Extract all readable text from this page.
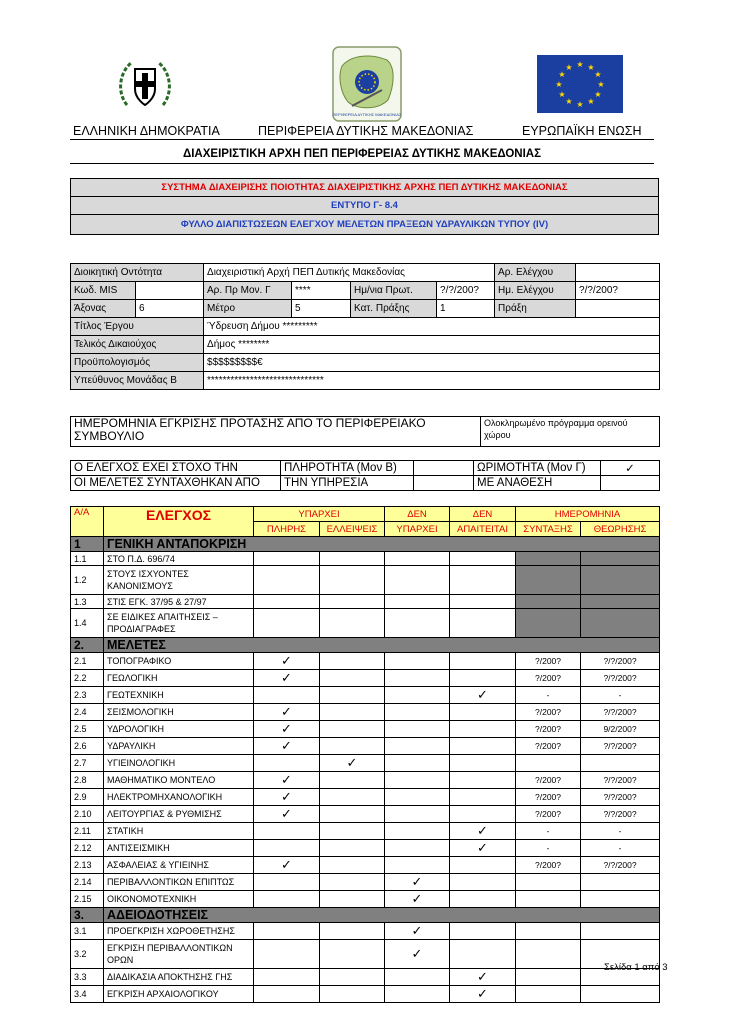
ΠΕΡΙΦΕΡΕΙΑ ΔΥΤΙΚΗΣ ΜΑΚΕΔΟΝΙΑΣ
★ ★
★
★
★
★
★
★
★
★
★
★
ΕΛΛΗΝΙΚΗ ΔΗΜΟΚΡΑΤΙΑ	ΠΕΡΙΦΕΡΕΙΑ ΔΥΤΙΚΗΣ ΜΑΚΕΔΟΝΙΑΣ	ΕΥΡΩΠΑΪΚΗ ΕΝΩΣΗ
ΔΙΑΧΕΙΡΙΣΤΙΚΗ ΑΡΧΗ ΠΕΠ ΠΕΡΙΦΕΡΕΙΑΣ ΔΥΤΙΚΗΣ ΜΑΚΕΔΟΝΙΑΣ
ΣΥΣΤΗΜΑ ΔΙΑΧΕΙΡΙΣΗΣ ΠΟΙΟΤΗΤΑΣ ΔΙΑΧΕΙΡΙΣΤΙΚΗΣ ΑΡΧΗΣ ΠΕΠ ΔΥΤΙΚΗΣ ΜΑΚΕΔΟΝΙΑΣ
ΕΝΤΥΠΟ Γ- 8.4
ΦΥΛΛΟ ΔΙΑΠΙΣΤΩΣΕΩΝ ΕΛΕΓΧΟΥ ΜΕΛΕΤΩΝ ΠΡΑΞΕΩΝ ΥΔΡΑΥΛΙΚΩΝ ΤΥΠΟΥ (IV)
Διοικητική Οντότητα		Διαχειριστική Αρχή ΠΕΠ Δυτικής Μακεδονίας				Αρ. Ελέγχου	
Κωδ. MIS		Αρ. Πρ Μον. Γ	****	Ημ/νια Πρωτ.	?/?/200?	Ημ. Ελέγχου	?/?/200?
Άξονας	6	Μέτρο	5	Κατ. Πράξης	1	Πράξη	
Τίτλος Έργου		Ύδρευση Δήμου *********					
Τελικός Δικαιούχος		Δήμος ********					
Προϋπολογισμός		$$$$$$$$$€					
Υπεύθυνος Μονάδας Β		******************************					
ΗΜΕΡΟΜΗΝΙΑ ΕΓΚΡΙΣΗΣ ΠΡΟΤΑΣΗΣ ΑΠΟ ΤΟ ΠΕΡΙΦΕΡΕΙΑΚΟ ΣΥΜΒΟΥΛΙΟ	Ολοκληρωμένο πρόγραμμα ορεινού χώρου
Ο ΕΛΕΓΧΟΣ ΕΧΕΙ ΣΤΟΧΟ ΤΗΝ	ΠΛΗΡΟΤΗΤΑ (Μον Β)		ΩΡΙΜΟΤΗΤΑ (Μον Γ)	✓
ΟΙ ΜΕΛΕΤΕΣ ΣΥΝΤΑΧΘΗΚΑΝ ΑΠΟ	ΤΗΝ ΥΠΗΡΕΣΙΑ		ΜΕ ΑΝΑΘΕΣΗ	
Α/Α	ΕΛΕΓΧΟΣ	ΥΠΑΡΧΕΙ		ΔΕΝ	ΔΕΝ	ΗΜΕΡΟΜΗΝΙΑ	
		ΠΛΗΡΗΣ	ΕΛΛΕΙΨΕΙΣ	ΥΠΑΡΧΕΙ	ΑΠΑΙΤΕΙΤΑΙ	ΣΥΝΤΑΞΗΣ	ΘΕΩΡΗΣΗΣ
1	ΓΕΝΙΚΗ ΑΝΤΑΠΟΚΡΙΣΗ						
1.1	ΣΤΟ Π.Δ. 696/74						
1.2	ΣΤΟΥΣ ΙΣΧΥΟΝΤΕΣ ΚΑΝΟΝΙΣΜΟΥΣ						
1.3	ΣΤΙΣ ΕΓΚ. 37/95 & 27/97						
1.4	ΣΕ ΕΙΔΙΚΕΣ ΑΠΑΙΤΗΣΕΙΣ – ΠΡΟΔΙΑΓΡΑΦΕΣ						
2.	ΜΕΛΕΤΕΣ						
2.1	ΤΟΠΟΓΡΑΦΙΚΟ	✓				?/200?	?/?/200?
2.2	ΓΕΩΛΟΓΙΚΗ	✓				?/200?	?/?/200?
2.3	ΓΕΩΤΕΧΝΙΚΗ				✓	-	-
2.4	ΣΕΙΣΜΟΛΟΓΙΚΗ	✓				?/200?	?/?/200?
2.5	ΥΔΡΟΛΟΓΙΚΗ	✓				?/200?	9/2/200?
2.6	ΥΔΡΑΥΛΙΚΗ	✓				?/200?	?/?/200?
2.7	ΥΓΙΕΙΝΟΛΟΓΙΚΗ		✓				
2.8	ΜΑΘΗΜΑΤΙΚΟ ΜΟΝΤΕΛΟ	✓				?/200?	?/?/200?
2.9	ΗΛΕΚΤΡΟΜΗΧΑΝΟΛΟΓΙΚΗ	✓				?/200?	?/?/200?
2.10	ΛΕΙΤΟΥΡΓΙΑΣ & ΡΥΘΜΙΣΗΣ	✓				?/200?	?/?/200?
2.11	ΣΤΑΤΙΚΗ				✓	-	-
2.12	ΑΝΤΙΣΕΙΣΜΙΚΗ				✓	-	-
2.13	ΑΣΦΑΛΕΙΑΣ & ΥΓΙΕΙΝΗΣ	✓				?/200?	?/?/200?
2.14	ΠΕΡΙΒΑΛΛΟΝΤΙΚΩΝ ΕΠΙΠΤΩΣ			✓			
2.15	ΟΙΚΟΝΟΜΟΤΕΧΝΙΚΗ			✓			
3.	ΑΔΕΙΟΔΟΤΗΣΕΙΣ						
3.1	ΠΡΟΕΓΚΡΙΣΗ ΧΩΡΟΘΕΤΗΣΗΣ			✓			
3.2	ΕΓΚΡΙΣΗ ΠΕΡΙΒΑΛΛΟΝΤΙΚΩΝ ΟΡΩΝ			✓			
3.3	ΔΙΑΔΙΚΑΣΙΑ ΑΠΟΚΤΗΣΗΣ ΓΗΣ				✓		
3.4	ΕΓΚΡΙΣΗ ΑΡΧΑΙΟΛΟΓΙΚΟΥ				✓		
Σελίδα 1 από 3
